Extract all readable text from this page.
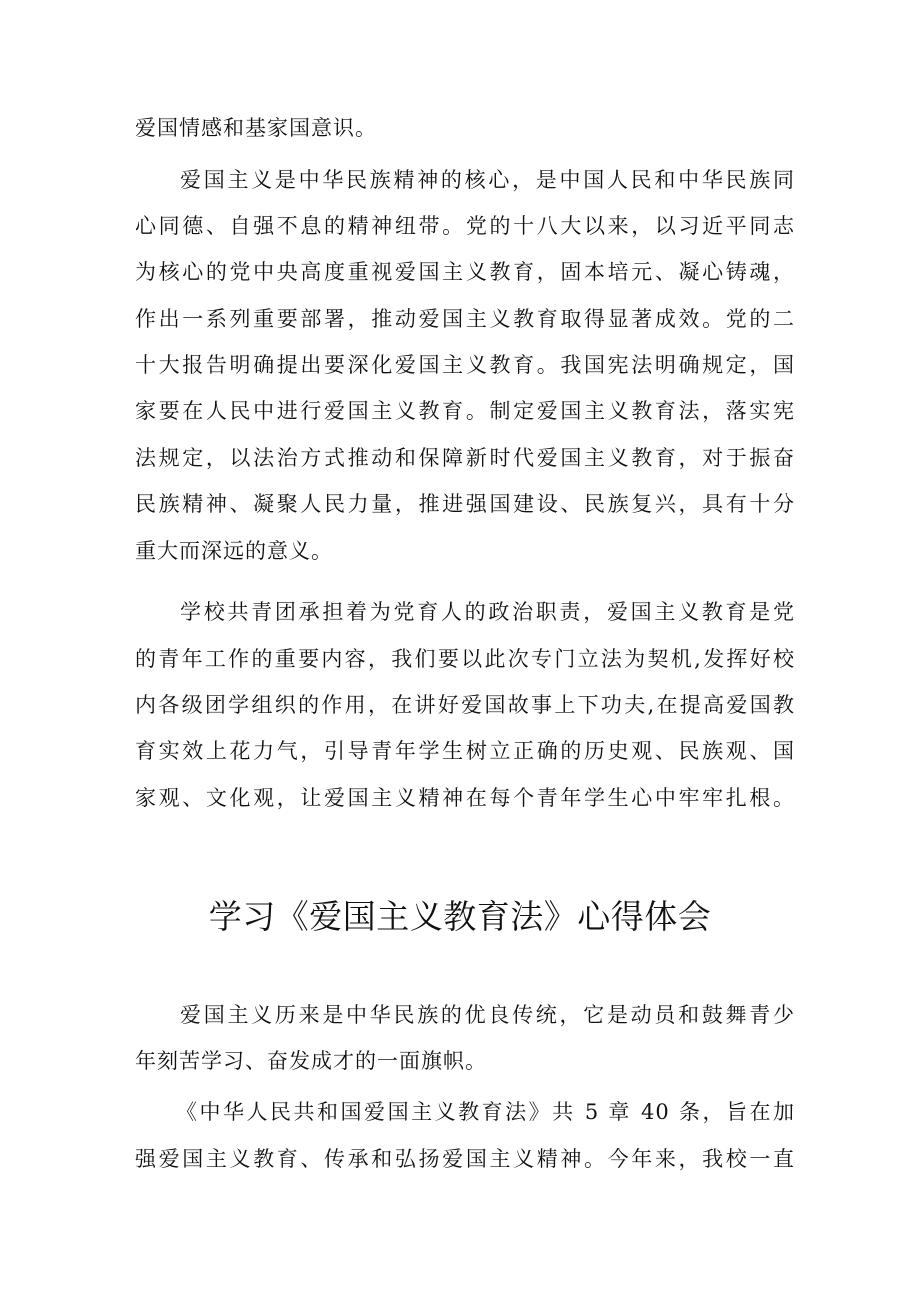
爱国情感和基家国意识。
爱国主义是中华民族精神的核心，是中国人民和中华民族同
心同德、自强不息的精神纽带。党的十八大以来，以习近平同志
为核心的党中央高度重视爱国主义教育，固本培元、凝心铸魂，
作出一系列重要部署，推动爱国主义教育取得显著成效。党的二
十大报告明确提出要深化爱国主义教育。我国宪法明确规定，国
家要在人民中进行爱国主义教育。制定爱国主义教育法，落实宪
法规定，以法治方式推动和保障新时代爱国主义教育，对于振奋
民族精神、凝聚人民力量，推进强国建设、民族复兴，具有十分
重大而深远的意义。
学校共青团承担着为党育人的政治职责，爱国主义教育是党
的青年工作的重要内容，我们要以此次专门立法为契机,发挥好校
内各级团学组织的作用，在讲好爱国故事上下功夫,在提高爱国教
育实效上花力气，引导青年学生树立正确的历史观、民族观、国
家观、文化观，让爱国主义精神在每个青年学生心中牢牢扎根。
学习《爱国主义教育法》心得体会
爱国主义历来是中华民族的优良传统，它是动员和鼓舞青少
年刻苦学习、奋发成才的一面旗帜。
《中华人民共和国爱国主义教育法》共 5 章 40 条，旨在加
强爱国主义教育、传承和弘扬爱国主义精神。今年来，我校一直
